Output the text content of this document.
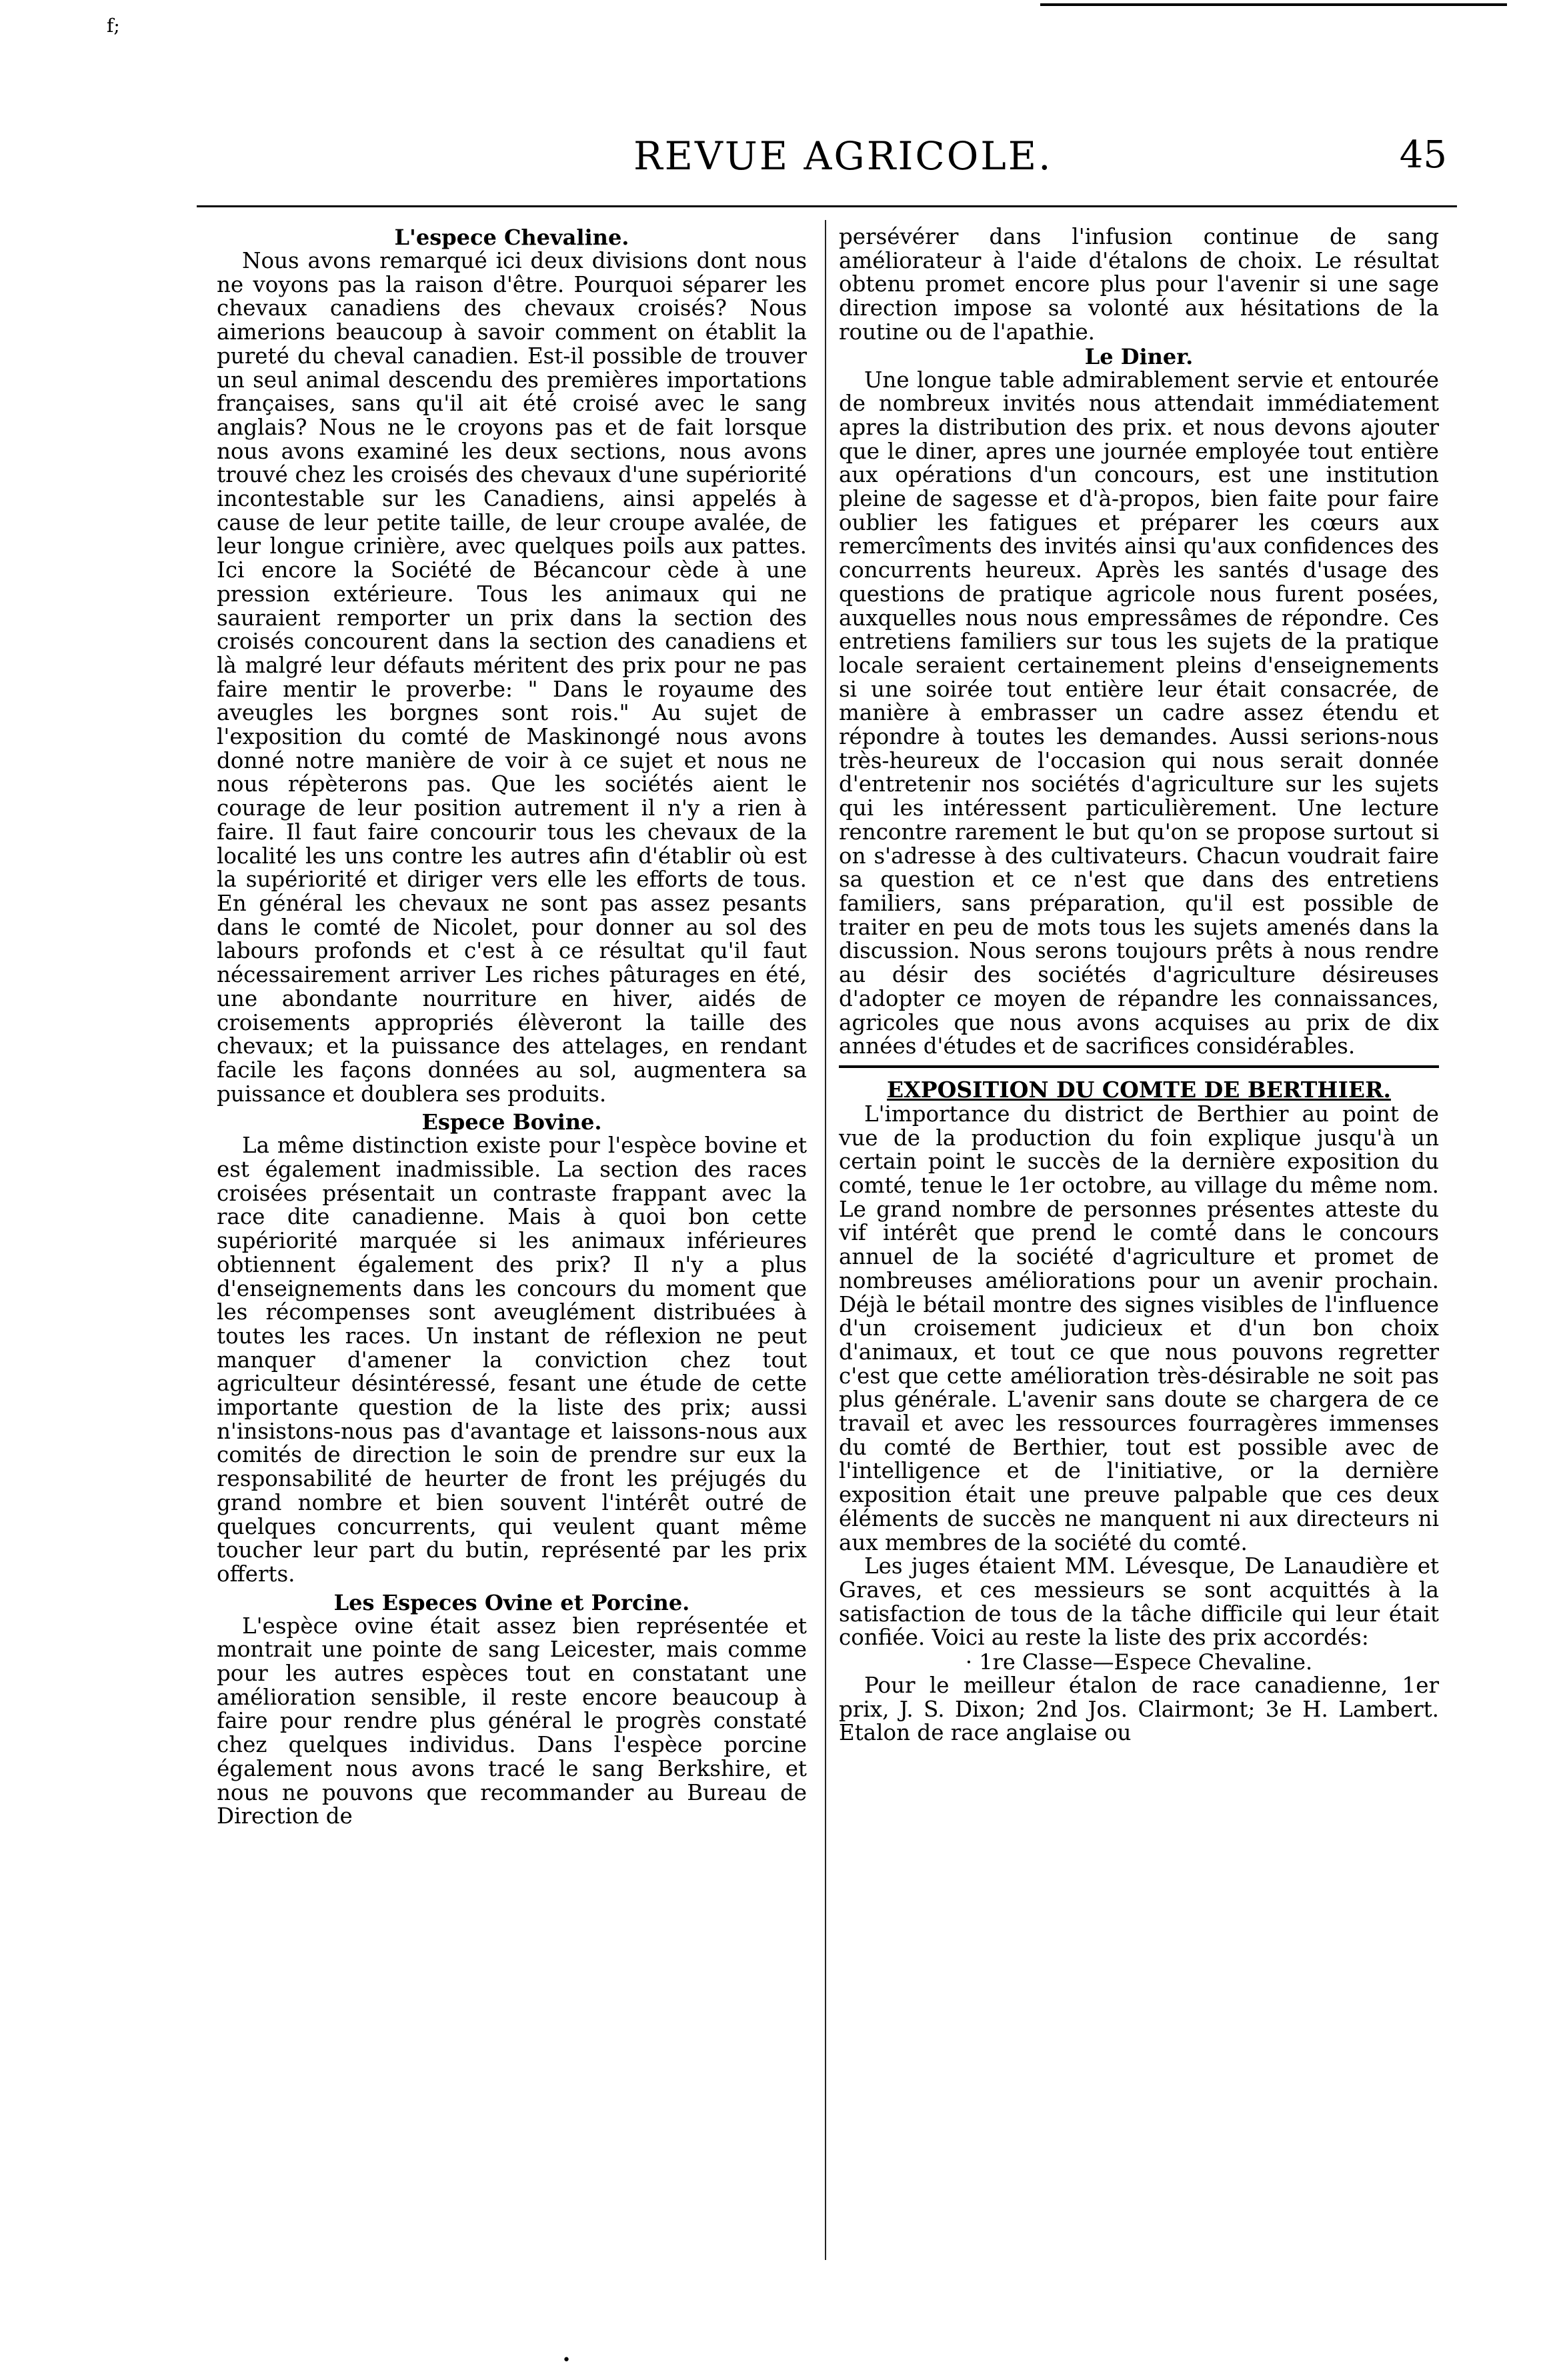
f;
REVUE AGRICOLE.	45

L'espece Chevaline.

Nous avons remarqué ici deux divisions dont nous ne voyons pas la raison d'être. Pourquoi séparer les chevaux canadiens des chevaux croisés? Nous aimerions beaucoup à savoir comment on établit la pureté du cheval canadien. Est-il possible de trouver un seul animal descendu des premières importations françaises, sans qu'il ait été croisé avec le sang anglais? Nous ne le croyons pas et de fait lorsque nous avons examiné les deux sections, nous avons trouvé chez les croisés des chevaux d'une supériorité incontestable sur les Canadiens, ainsi appelés à cause de leur petite taille, de leur croupe avalée, de leur longue crinière, avec quelques poils aux pattes. Ici encore la Société de Bécancour cède à une pression extérieure. Tous les animaux qui ne sauraient remporter un prix dans la section des croisés concourent dans la section des canadiens et là malgré leur défauts méritent des prix pour ne pas faire mentir le proverbe: " Dans le royaume des aveugles les borgnes sont rois." Au sujet de l'exposition du comté de Maskinongé nous avons donné notre manière de voir à ce sujet et nous ne nous répèterons pas. Que les sociétés aient le courage de leur position autrement il n'y a rien à faire. Il faut faire concourir tous les chevaux de la localité les uns contre les autres afin d'établir où est la supériorité et diriger vers elle les efforts de tous. En général les chevaux ne sont pas assez pesants dans le comté de Nicolet, pour donner au sol des labours profonds et c'est à ce résultat qu'il faut nécessairement arriver Les riches pâturages en été, une abondante nourriture en hiver, aidés de croisements appropriés élèveront la taille des chevaux; et la puissance des attelages, en rendant facile les façons données au sol, augmentera sa puissance et doublera ses produits.

Espece Bovine.

La même distinction existe pour l'espèce bovine et est également inadmissible. La section des races croisées présentait un contraste frappant avec la race dite canadienne. Mais à quoi bon cette supériorité marquée si les animaux inférieures obtiennent également des prix? Il n'y a plus d'enseignements dans les concours du moment que les récompenses sont aveuglément distribuées à toutes les races. Un instant de réflexion ne peut manquer d'amener la conviction chez tout agriculteur désintéressé, fesant une étude de cette importante question de la liste des prix; aussi n'insistons-nous pas d'avantage et laissons-nous aux comités de direction le soin de prendre sur eux la responsabilité de heurter de front les préjugés du grand nombre et bien souvent l'intérêt outré de quelques concurrents, qui veulent quant même toucher leur part du butin, représenté par les prix offerts.

Les Especes Ovine et Porcine.

L'espèce ovine était assez bien représentée et montrait une pointe de sang Leicester, mais comme pour les autres espèces tout en constatant une amélioration sensible, il reste encore beaucoup à faire pour rendre plus général le progrès constaté chez quelques individus. Dans l'espèce porcine également nous avons tracé le sang Berkshire, et nous ne pouvons que recommander au Bureau de Direction de

persévérer dans l'infusion continue de sang améliorateur à l'aide d'étalons de choix. Le résultat obtenu promet encore plus pour l'avenir si une sage direction impose sa volonté aux hésitations de la routine ou de l'apathie.

Le Diner.

Une longue table admirablement servie et entourée de nombreux invités nous attendait immédiatement apres la distribution des prix. et nous devons ajouter que le diner, apres une journée employée tout entière aux opérations d'un concours, est une institution pleine de sagesse et d'à-propos, bien faite pour faire oublier les fatigues et préparer les cœurs aux remercîments des invités ainsi qu'aux confidences des concurrents heureux. Après les santés d'usage des questions de pratique agricole nous furent posées, auxquelles nous nous empressâmes de répondre. Ces entretiens familiers sur tous les sujets de la pratique locale seraient certainement pleins d'enseignements si une soirée tout entière leur était consacrée, de manière à embrasser un cadre assez étendu et répondre à toutes les demandes. Aussi serions-nous très-heureux de l'occasion qui nous serait donnée d'entretenir nos sociétés d'agriculture sur les sujets qui les intéressent particulièrement. Une lecture rencontre rarement le but qu'on se propose surtout si on s'adresse à des cultivateurs. Chacun voudrait faire sa question et ce n'est que dans des entretiens familiers, sans préparation, qu'il est possible de traiter en peu de mots tous les sujets amenés dans la discussion. Nous serons toujours prêts à nous rendre au désir des sociétés d'agriculture désireuses d'adopter ce moyen de répandre les connaissances, agricoles que nous avons acquises au prix de dix années d'études et de sacrifices considérables.

EXPOSITION DU COMTE DE BERTHIER.

L'importance du district de Berthier au point de vue de la production du foin explique jusqu'à un certain point le succès de la dernière exposition du comté, tenue le 1er octobre, au village du même nom. Le grand nombre de personnes présentes atteste du vif intérêt que prend le comté dans le concours annuel de la société d'agriculture et promet de nombreuses améliorations pour un avenir prochain. Déjà le bétail montre des signes visibles de l'influence d'un croisement judicieux et d'un bon choix d'animaux, et tout ce que nous pouvons regretter c'est que cette amélioration très-désirable ne soit pas plus générale. L'avenir sans doute se chargera de ce travail et avec les ressources fourragères immenses du comté de Berthier, tout est possible avec de l'intelligence et de l'initiative, or la dernière exposition était une preuve palpable que ces deux éléments de succès ne manquent ni aux directeurs ni aux membres de la société du comté.

Les juges étaient MM. Lévesque, De Lanaudière et Graves, et ces messieurs se sont acquittés à la satisfaction de tous de la tâche difficile qui leur était confiée. Voici au reste la liste des prix accordés:

· 1re Classe—Espece Chevaline.

Pour le meilleur étalon de race canadienne, 1er prix, J. S. Dixon; 2nd Jos. Clairmont; 3e H. Lambert. Etalon de race anglaise ou

•
